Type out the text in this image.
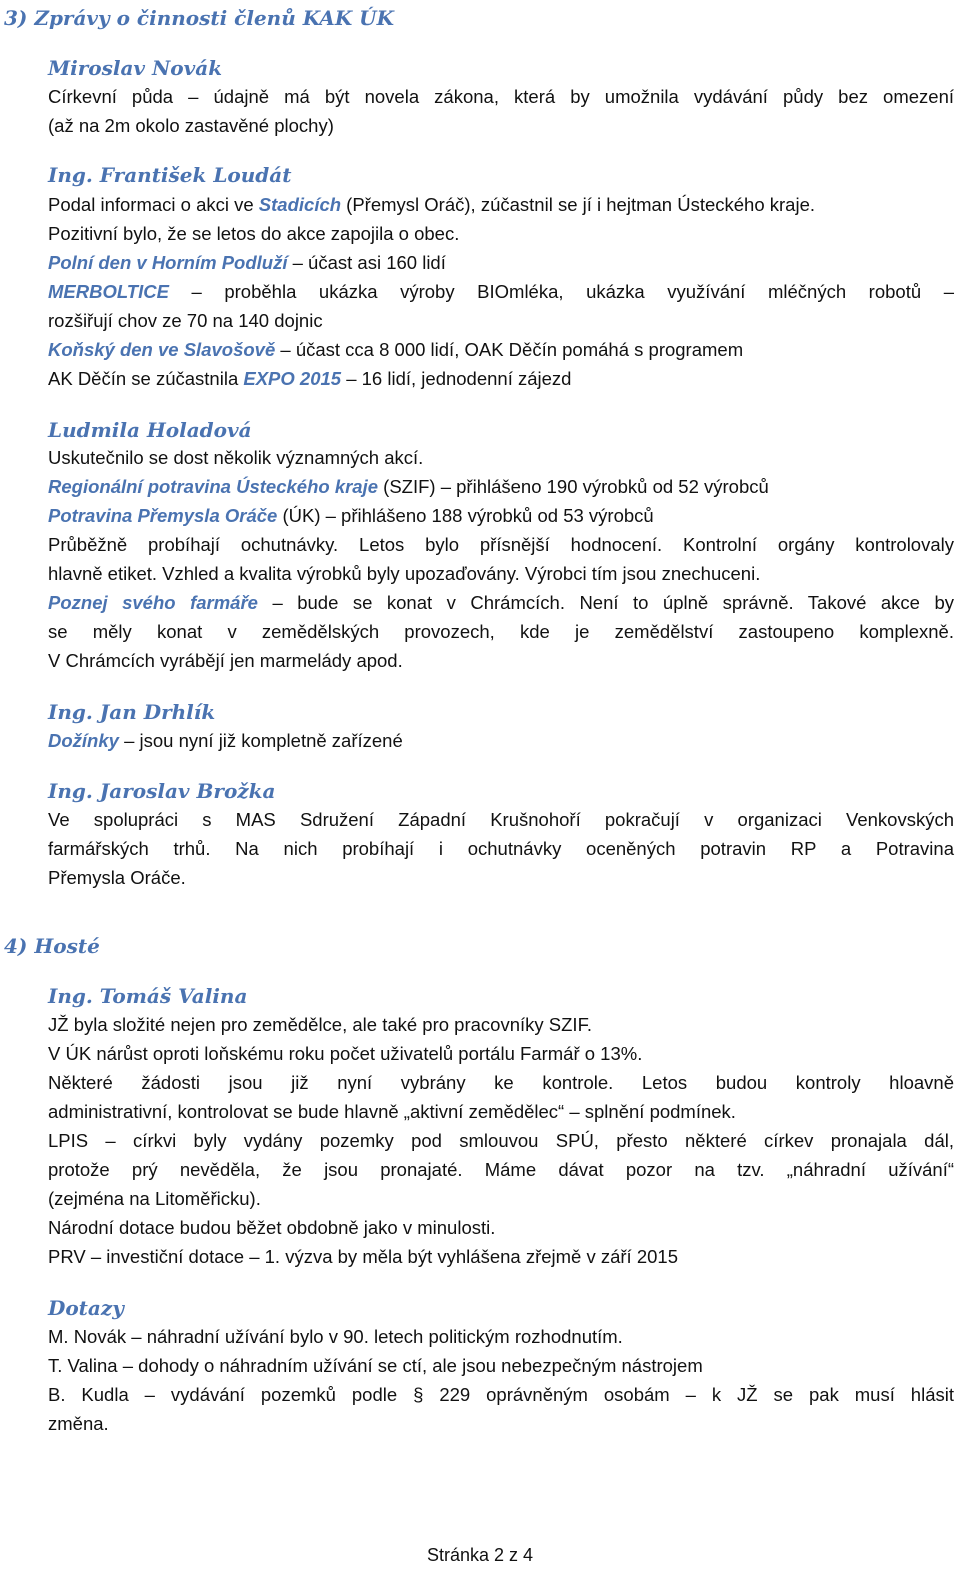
3) Zprávy o činnosti členů KAK ÚK

Miroslav Novák

Církevní půda – údajně má být novela zákona, která by umožnila vydávání půdy bez omezení

(až na 2m okolo zastavěné plochy)

Ing. František Loudát

Podal informaci o akci ve Stadicích (Přemysl Oráč), zúčastnil se jí i hejtman Ústeckého kraje.

Pozitivní bylo, že se letos do akce zapojila o obec.

Polní den v Horním Podluží – účast asi 160 lidí

MERBOLTICE – proběhla ukázka výroby BIOmléka, ukázka využívání mléčných robotů –

rozšiřují chov ze 70 na 140 dojnic

Koňský den ve Slavošově – účast cca 8 000 lidí, OAK Děčín pomáhá s programem

AK Děčín se zúčastnila EXPO 2015 – 16 lidí, jednodenní zájezd

Ludmila Holadová

Uskutečnilo se dost několik významných akcí.

Regionální potravina Ústeckého kraje (SZIF) – přihlášeno 190 výrobků od 52 výrobců

Potravina Přemysla Oráče (ÚK) – přihlášeno 188 výrobků od 53 výrobců

Průběžně probíhají ochutnávky. Letos bylo přísnější hodnocení. Kontrolní orgány kontrolovaly

hlavně etiket. Vzhled a kvalita výrobků byly upozaďovány. Výrobci tím jsou znechuceni.

Poznej svého farmáře – bude se konat v Chrámcích. Není to úplně správně. Takové akce by

se měly konat v zemědělských provozech, kde je zemědělství zastoupeno komplexně.

V Chrámcích vyrábějí jen marmelády apod.

Ing. Jan Drhlík

Dožínky – jsou nyní již kompletně zařízené

Ing. Jaroslav Brožka

Ve spolupráci s MAS Sdružení Západní Krušnohoří pokračují v organizaci Venkovských

farmářských trhů. Na nich probíhají i ochutnávky oceněných potravin RP a Potravina

Přemysla Oráče.

4) Hosté

Ing. Tomáš Valina

JŽ byla složité nejen pro zemědělce, ale také pro pracovníky SZIF.

V ÚK nárůst oproti loňskému roku počet uživatelů portálu Farmář o 13%.

Některé žádosti jsou již nyní vybrány ke kontrole. Letos budou kontroly hloavně

administrativní, kontrolovat se bude hlavně „aktivní zemědělec“ – splnění podmínek.

LPIS – církvi byly vydány pozemky pod smlouvou SPÚ, přesto některé církev pronajala dál,

protože prý nevěděla, že jsou pronajaté. Máme dávat pozor na tzv. „náhradní užívání“

(zejména na Litoměřicku).

Národní dotace budou běžet obdobně jako v minulosti.

PRV – investiční dotace – 1. výzva by měla být vyhlášena zřejmě v září 2015

Dotazy

M. Novák – náhradní užívání bylo v 90. letech politickým rozhodnutím.

T. Valina – dohody o náhradním užívání se ctí, ale jsou nebezpečným nástrojem

B. Kudla – vydávání pozemků podle § 229 oprávněným osobám – k JŽ se pak musí hlásit

změna.

Stránka 2 z 4
